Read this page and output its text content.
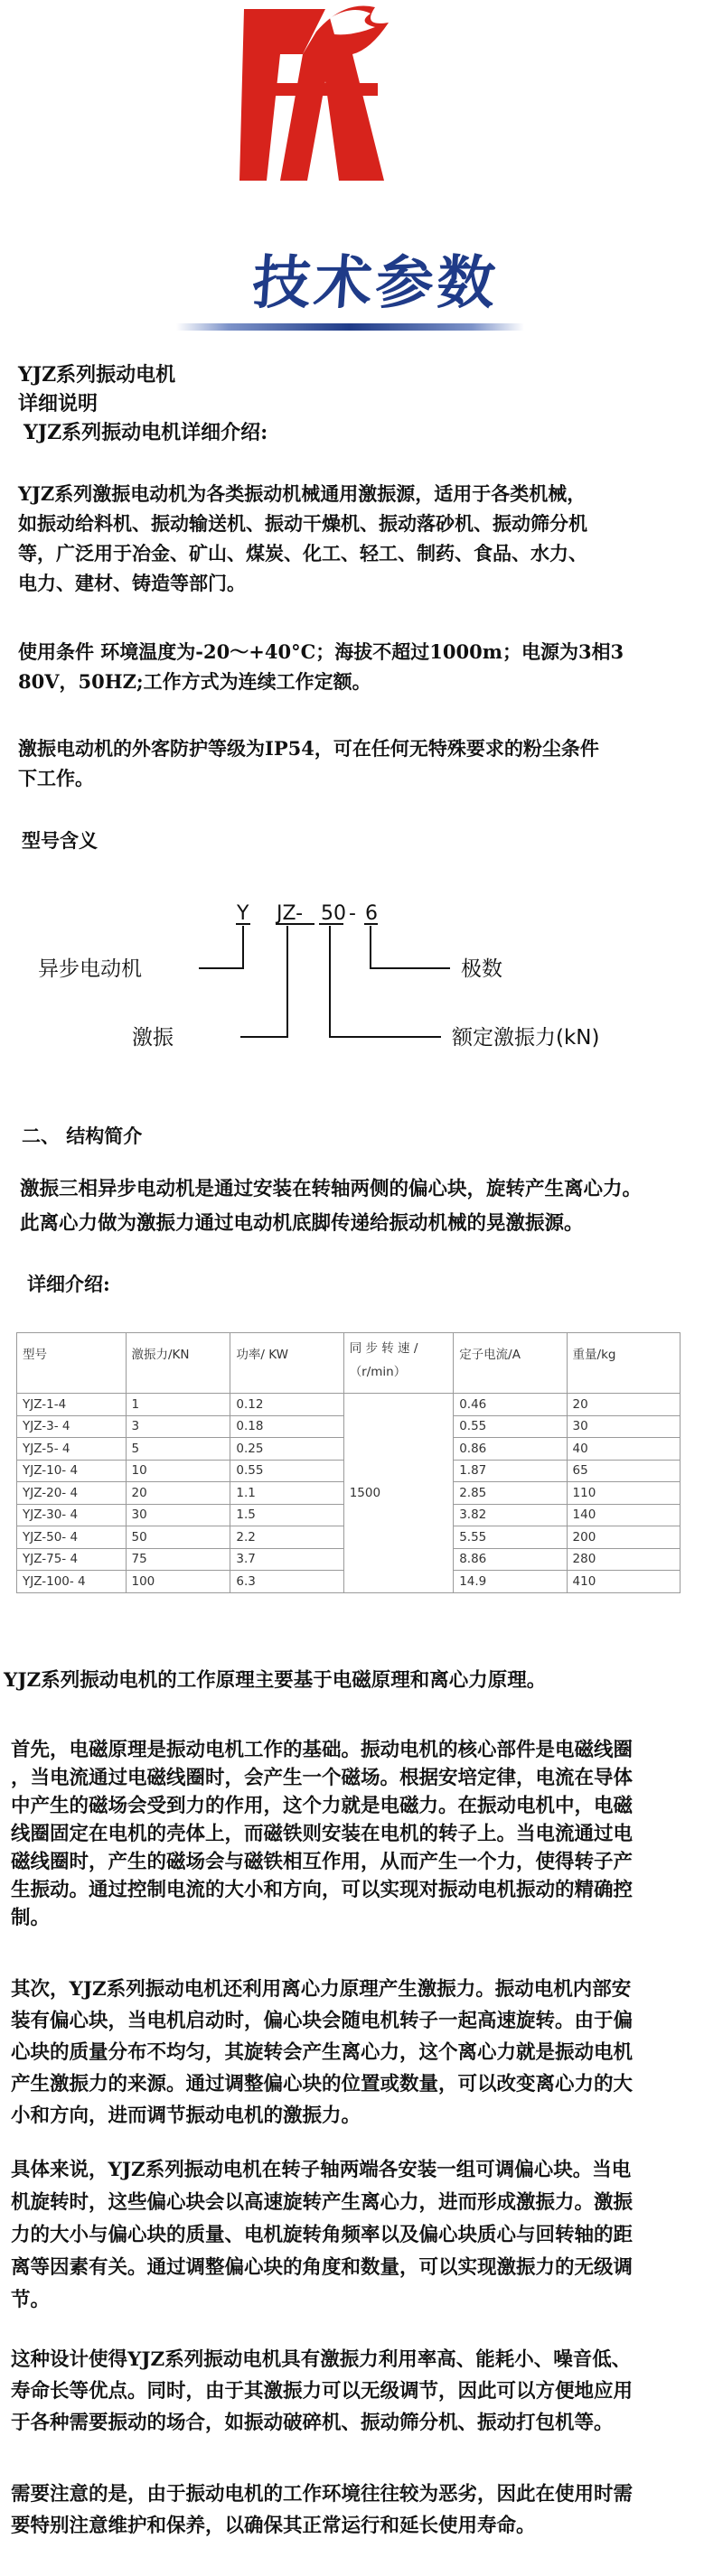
技术参数
YJZ系列振动电机
详细说明
YJZ系列振动电机详细介绍:
YJZ系列激振电动机为各类振动机械通用激振源，适用于各类机械，
如振动给料机、振动输送机、振动干燥机、振动落砂机、振动筛分机
等，广泛用于冶金、矿山、煤炭、化工、轻工、制药、食品、水力、
电力、建材、铸造等部门。
使用条件 环境温度为-20～+40°C；海拔不超过1000m；电源为3相3
80V，50HZ;工作方式为连续工作定额。
激振电动机的外客防护等级为IP54，可在任何无特殊要求的粉尘条件
下工作。
型号含义
Y JZ- 50 - 6
异步电动机	极数
激振	额定激振力(kN)
二、 结构简介
激振三相异步电动机是通过安装在转轴两侧的偏心块，旋转产生离心力。
此离心力做为激振力通过电动机底脚传递给振动机械的晃激振源。
详细介绍:
型号	激振力/KN	功率/ KW	同 步 转 速 /（r/min）	定子电流/A	重量/kg
YJZ-1-4	1	0.12	1500	0.46	20
YJZ-3- 4	3	0.18		0.55	30
YJZ-5- 4	5	0.25		0.86	40
YJZ-10- 4	10	0.55		1.87	65
YJZ-20- 4	20	1.1		2.85	110
YJZ-30- 4	30	1.5		3.82	140
YJZ-50- 4	50	2.2		5.55	200
YJZ-75- 4	75	3.7		8.86	280
YJZ-100- 4	100	6.3		14.9	410
YJZ系列振动电机的工作原理主要基于电磁原理和离心力原理。
首先，电磁原理是振动电机工作的基础。振动电机的核心部件是电磁线圈
，当电流通过电磁线圈时，会产生一个磁场。根据安培定律，电流在导体
中产生的磁场会受到力的作用，这个力就是电磁力。在振动电机中，电磁
线圈固定在电机的壳体上，而磁铁则安装在电机的转子上。当电流通过电
磁线圈时，产生的磁场会与磁铁相互作用，从而产生一个力，使得转子产
生振动。通过控制电流的大小和方向，可以实现对振动电机振动的精确控
制。
其次，YJZ系列振动电机还利用离心力原理产生激振力。振动电机内部安
装有偏心块，当电机启动时，偏心块会随电机转子一起高速旋转。由于偏
心块的质量分布不均匀，其旋转会产生离心力，这个离心力就是振动电机
产生激振力的来源。通过调整偏心块的位置或数量，可以改变离心力的大
小和方向，进而调节振动电机的激振力。
具体来说，YJZ系列振动电机在转子轴两端各安装一组可调偏心块。当电
机旋转时，这些偏心块会以高速旋转产生离心力，进而形成激振力。激振
力的大小与偏心块的质量、电机旋转角频率以及偏心块质心与回转轴的距
离等因素有关。通过调整偏心块的角度和数量，可以实现激振力的无级调
节。
这种设计使得YJZ系列振动电机具有激振力利用率高、能耗小、噪音低、
寿命长等优点。同时，由于其激振力可以无级调节，因此可以方便地应用
于各种需要振动的场合，如振动破碎机、振动筛分机、振动打包机等。
需要注意的是，由于振动电机的工作环境往往较为恶劣，因此在使用时需
要特别注意维护和保养，以确保其正常运行和延长使用寿命。
